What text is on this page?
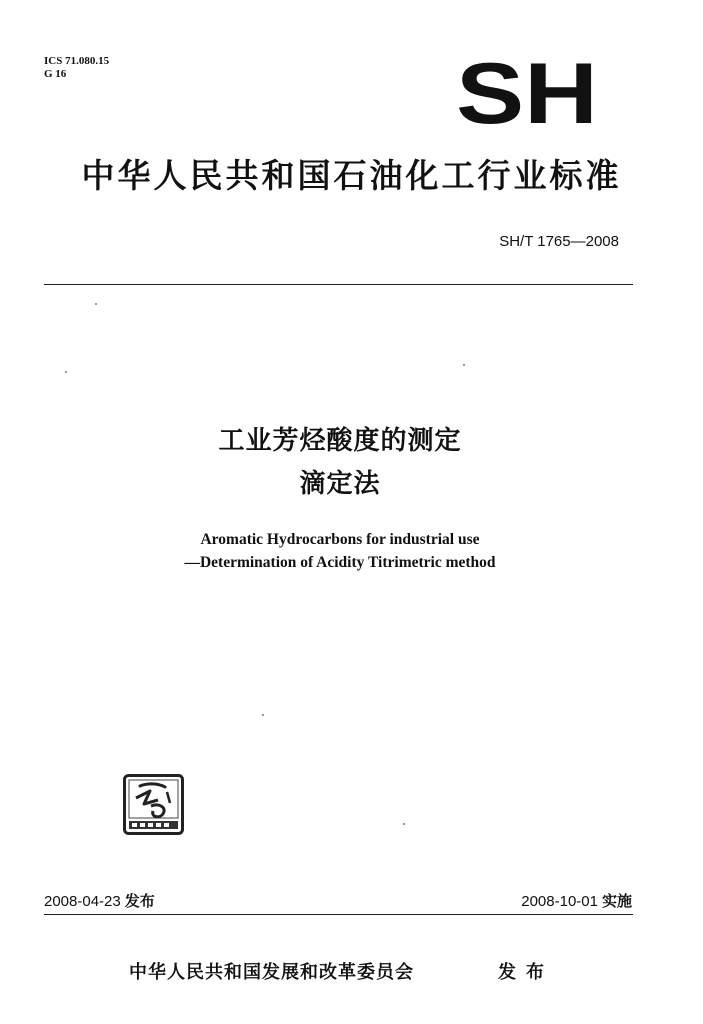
ICS 71.080.15
G 16	SH
中华人民共和国石油化工行业标准
SH/T 1765—2008
工业芳烃酸度的测定
滴定法
Aromatic Hydrocarbons for industrial use
—Determination of Acidity Titrimetric method
2008-04-23 发布	2008-10-01 实施
中华人民共和国发展和改革委员会	发布
